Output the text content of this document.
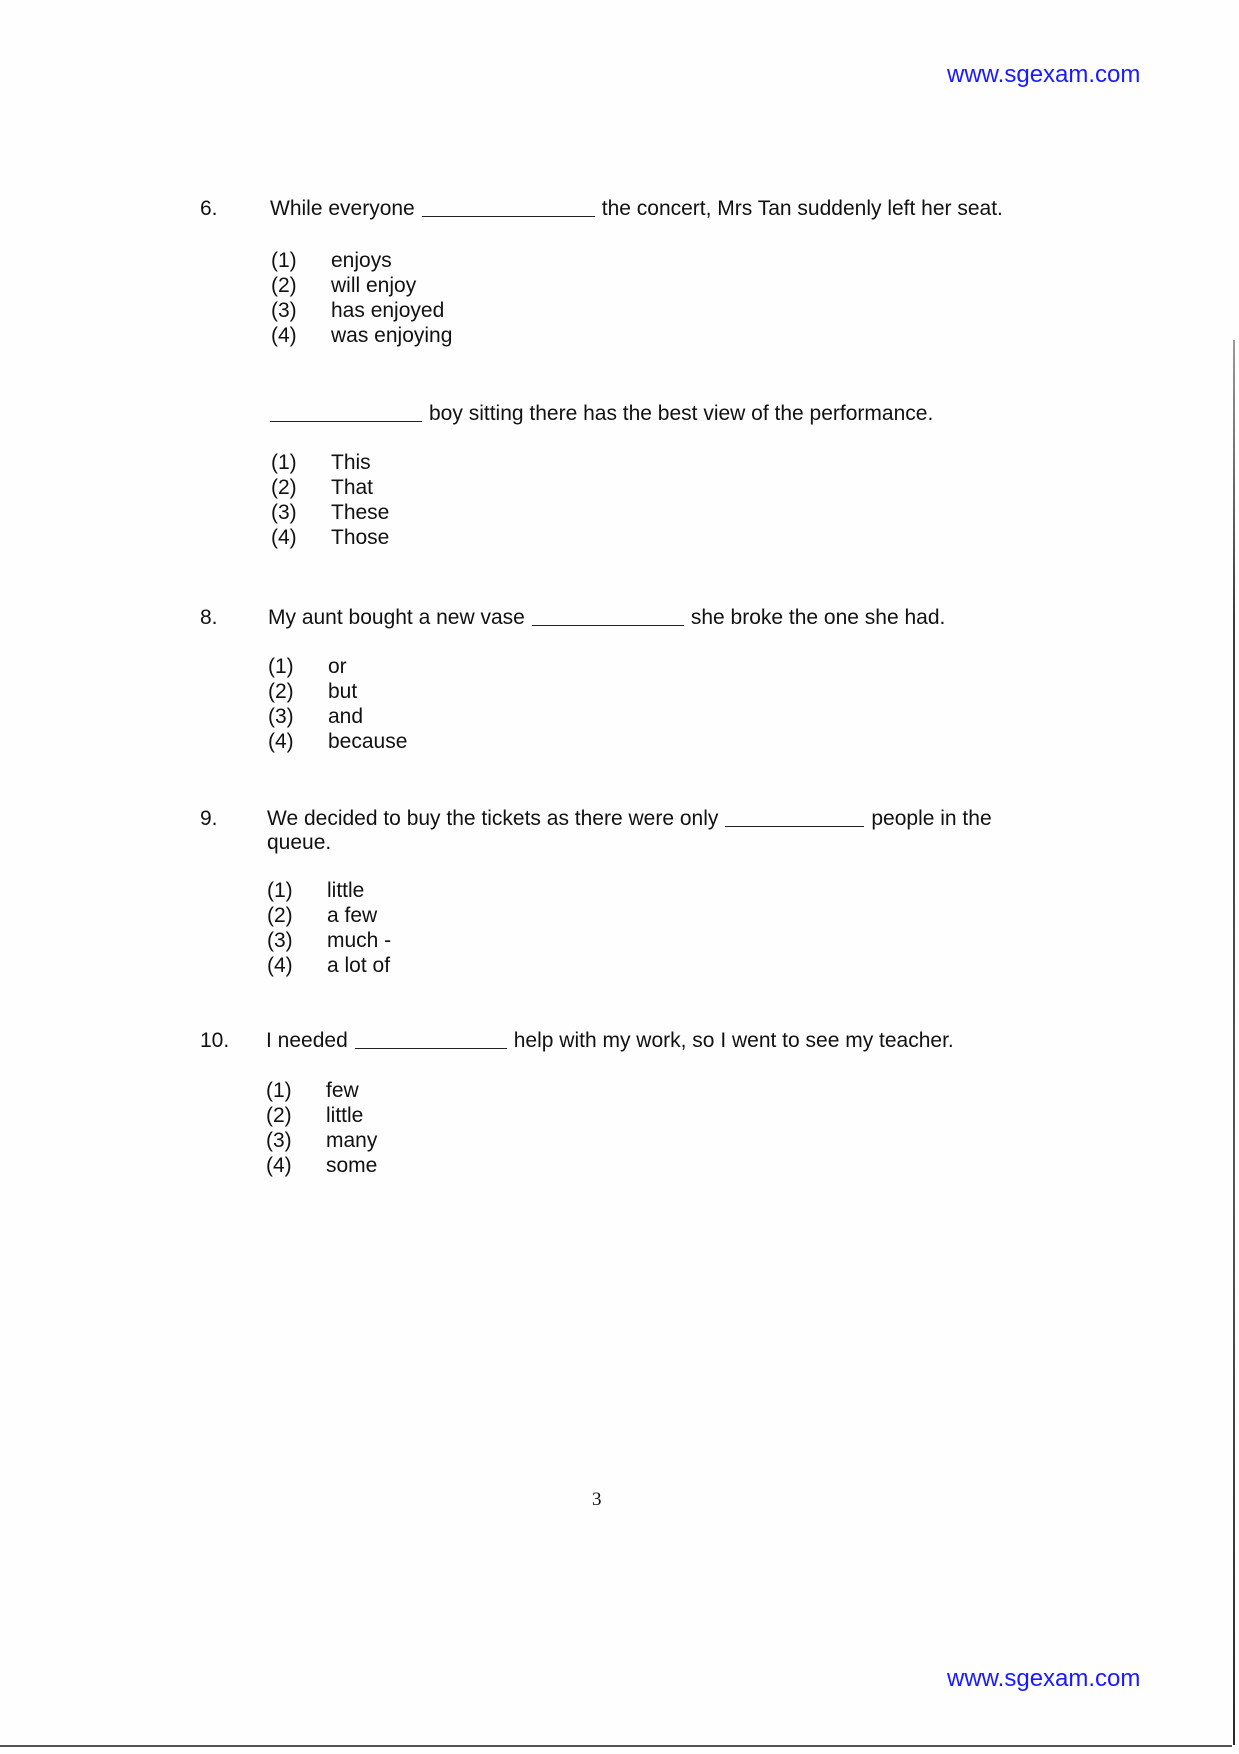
www.sgexam.com
6. While everyone	the concert, Mrs Tan suddenly left her seat.
(1)	enjoys
(2)	will enjoy
(3)	has enjoyed
(4)	was enjoying
boy sitting there has the best view of the performance.
(1)	This
(2)	That
(3)	These
(4)	Those
8. My aunt bought a new vase	she broke the one she had.
(1)	or
(2)	but
(3)	and
(4)	because
9. We decided to buy the tickets as there were only	people in the
queue.
(1)	little
(2)	a few
(3)	much -
(4)	a lot of
10. I needed	help with my work, so I went to see my teacher.
(1)	few
(2)	little
(3)	many
(4)	some
3
www.sgexam.com
